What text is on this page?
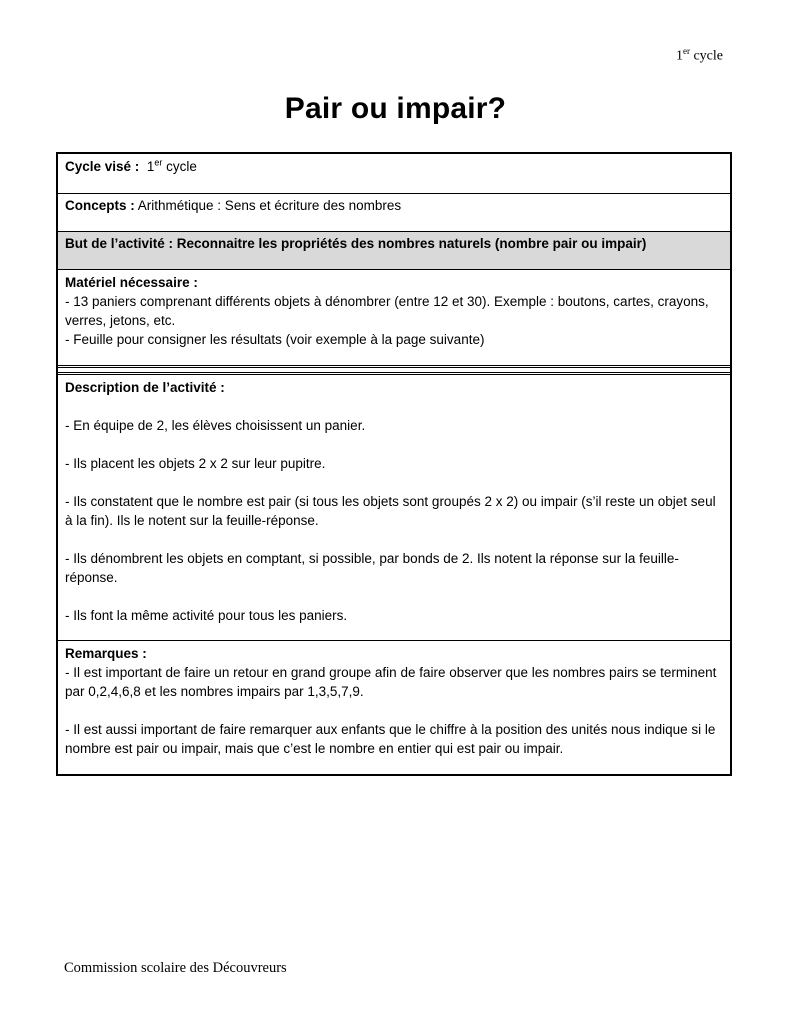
1er cycle
Pair ou impair?
Cycle visé : 1er cycle
Concepts : Arithmétique : Sens et écriture des nombres
But de l’activité : Reconnaitre les propriétés des nombres naturels (nombre pair ou impair)
Matériel nécessaire :
- 13 paniers comprenant différents objets à dénombrer (entre 12 et 30). Exemple : boutons, cartes, crayons, verres, jetons, etc.
- Feuille pour consigner les résultats (voir exemple à la page suivante)
Description de l’activité :
- En équipe de 2, les élèves choisissent un panier.
- Ils placent les objets 2 x 2 sur leur pupitre.
- Ils constatent que le nombre est pair (si tous les objets sont groupés 2 x 2) ou impair (s’il reste un objet seul à la fin). Ils le notent sur la feuille-réponse.
- Ils dénombrent les objets en comptant, si possible, par bonds de 2. Ils notent la réponse sur la feuille-réponse.
- Ils font la même activité pour tous les paniers.
Remarques :
- Il est important de faire un retour en grand groupe afin de faire observer que les nombres pairs se terminent par 0,2,4,6,8 et les nombres impairs par 1,3,5,7,9.
- Il est aussi important de faire remarquer aux enfants que le chiffre à la position des unités nous indique si le nombre est pair ou impair, mais que c’est le nombre en entier qui est pair ou impair.
Commission scolaire des Découvreurs
